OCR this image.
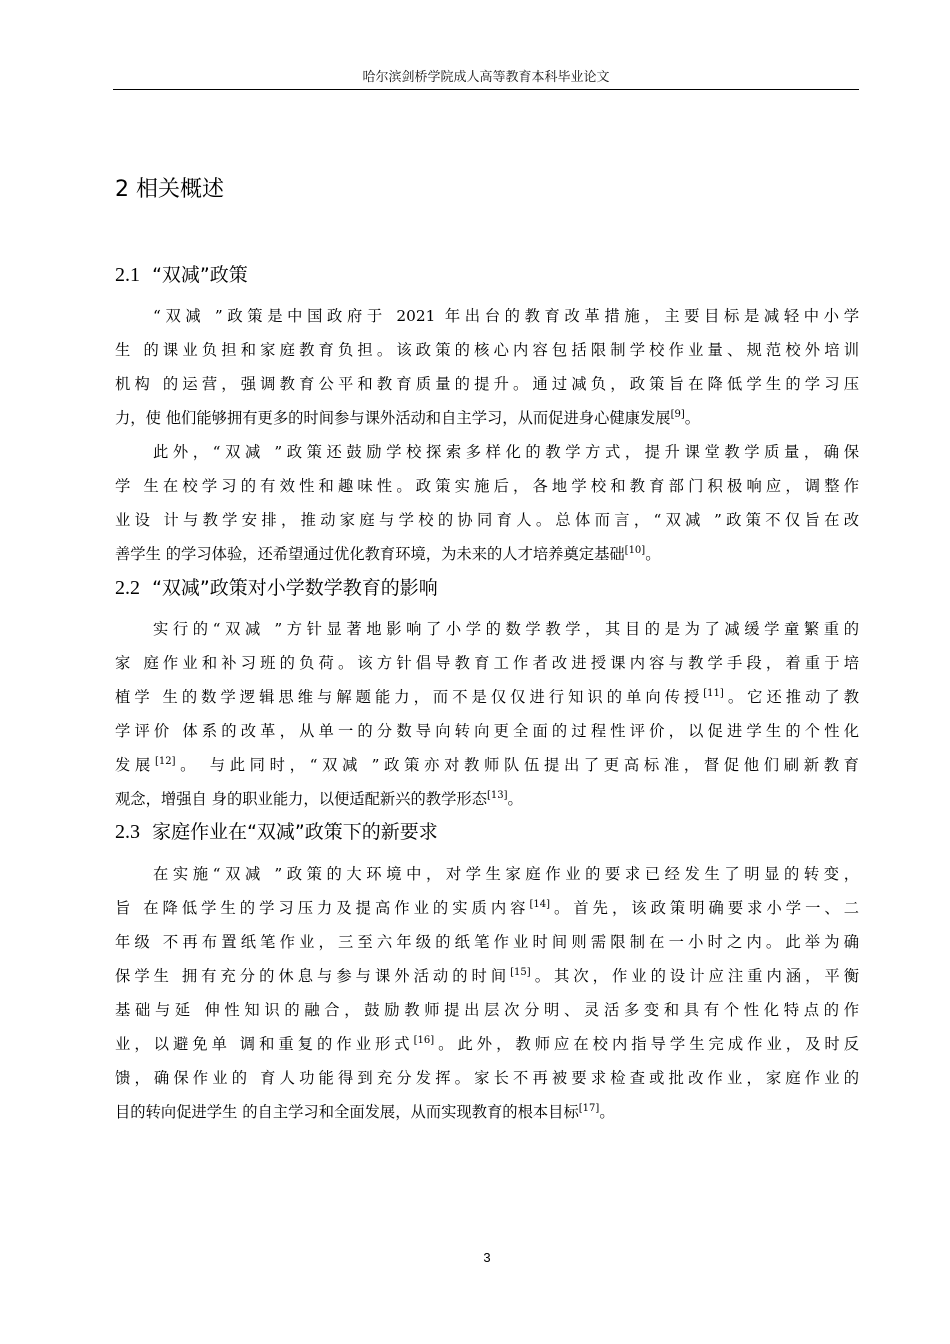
哈尔滨剑桥学院成人高等教育本科毕业论文
2 相关概述
2.1 “双减”政策
“双减 ”政策是中国政府于 2021 年出台的教育改革措施，主要目标是减轻中小学
生 的课业负担和家庭教育负担。该政策的核心内容包括限制学校作业量、规范校外培训
机构 的运营，强调教育公平和教育质量的提升。通过减负，政策旨在降低学生的学习压
力，使 他们能够拥有更多的时间参与课外活动和自主学习，从而促进身心健康发展[9]。
此外，“双减 ”政策还鼓励学校探索多样化的教学方式，提升课堂教学质量，确保
学 生在校学习的有效性和趣味性。政策实施后，各地学校和教育部门积极响应，调整作
业设 计与教学安排，推动家庭与学校的协同育人。总体而言，“双减 ”政策不仅旨在改
善学生 的学习体验，还希望通过优化教育环境，为未来的人才培养奠定基础[10]。
2.2 “双减”政策对小学数学教育的影响
实行的“双减 ”方针显著地影响了小学的数学教学，其目的是为了减缓学童繁重的
家 庭作业和补习班的负荷。该方针倡导教育工作者改进授课内容与教学手段，着重于培
植学 生的数学逻辑思维与解题能力，而不是仅仅进行知识的单向传授[11]。它还推动了教
学评价 体系的改革，从单一的分数导向转向更全面的过程性评价，以促进学生的个性化
发展[12]。 与此同时，“双减 ”政策亦对教师队伍提出了更高标准，督促他们刷新教育
观念，增强自 身的职业能力，以便适配新兴的教学形态[13]。
2.3 家庭作业在“双减”政策下的新要求
在实施“双减 ”政策的大环境中，对学生家庭作业的要求已经发生了明显的转变，
旨 在降低学生的学习压力及提高作业的实质内容[14]。首先，该政策明确要求小学一、二
年级 不再布置纸笔作业，三至六年级的纸笔作业时间则需限制在一小时之内。此举为确
保学生 拥有充分的休息与参与课外活动的时间[15]。其次，作业的设计应注重内涵，平衡
基础与延 伸性知识的融合，鼓励教师提出层次分明、灵活多变和具有个性化特点的作
业，以避免单 调和重复的作业形式[16]。此外，教师应在校内指导学生完成作业，及时反
馈，确保作业的 育人功能得到充分发挥。家长不再被要求检查或批改作业，家庭作业的
目的转向促进学生 的自主学习和全面发展，从而实现教育的根本目标[17]。
3
